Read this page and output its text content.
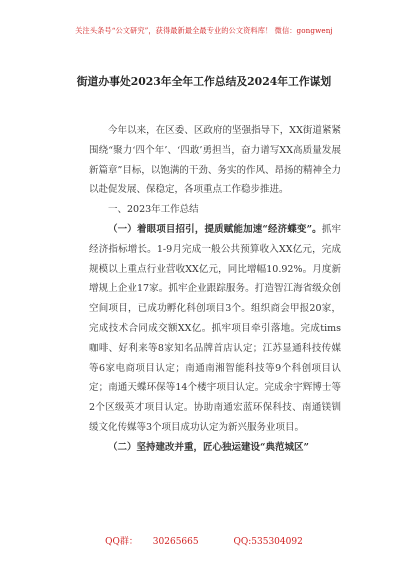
关注头条号“公文研究”，获得最新最全最专业的公文资料库！ 微信：gongwenj
街道办事处2023年全年工作总结及2024年工作谋划

今年以来，在区委、区政府的坚强指导下，XX街道紧紧围绕“聚力‘四个年’、‘四敢’勇担当，奋力谱写XX高质量发展新篇章”目标，以饱满的干劲、务实的作风、昂扬的精神全力以赴促发展、保稳定，各项重点工作稳步推进。

一、2023年工作总结

（一）着眼项目招引，提质赋能加速“经济蝶变”。抓牢经济指标增长。1-9月完成一般公共预算收入XX亿元，完成规模以上重点行业营收XX亿元，同比增幅10.92%。月度新增规上企业17家。抓牢企业跟踪服务。打造智江海省级众创空间项目，已成功孵化科创项目3个。组织商会甲报20家，完成技术合同成交额XX亿。抓牢项目牵引落地。完成tims咖啡、好利来等8家知名品牌首店认定；江苏显通科技传媒等6家电商项目认定；南通南湘智能科技等9个科创项目认定；南通天蝶环保等14个楼宇项目认定。完成余宇辉博士等2个区级英才项目认定。协助南通宏蓝环保科技、南通镁钏缓文化传媒等3个项目成功认定为新兴服务业项目。

（二）坚持建改并重，匠心独运建设“典范城区”

QQ群： 30265665	QQ:535304092
